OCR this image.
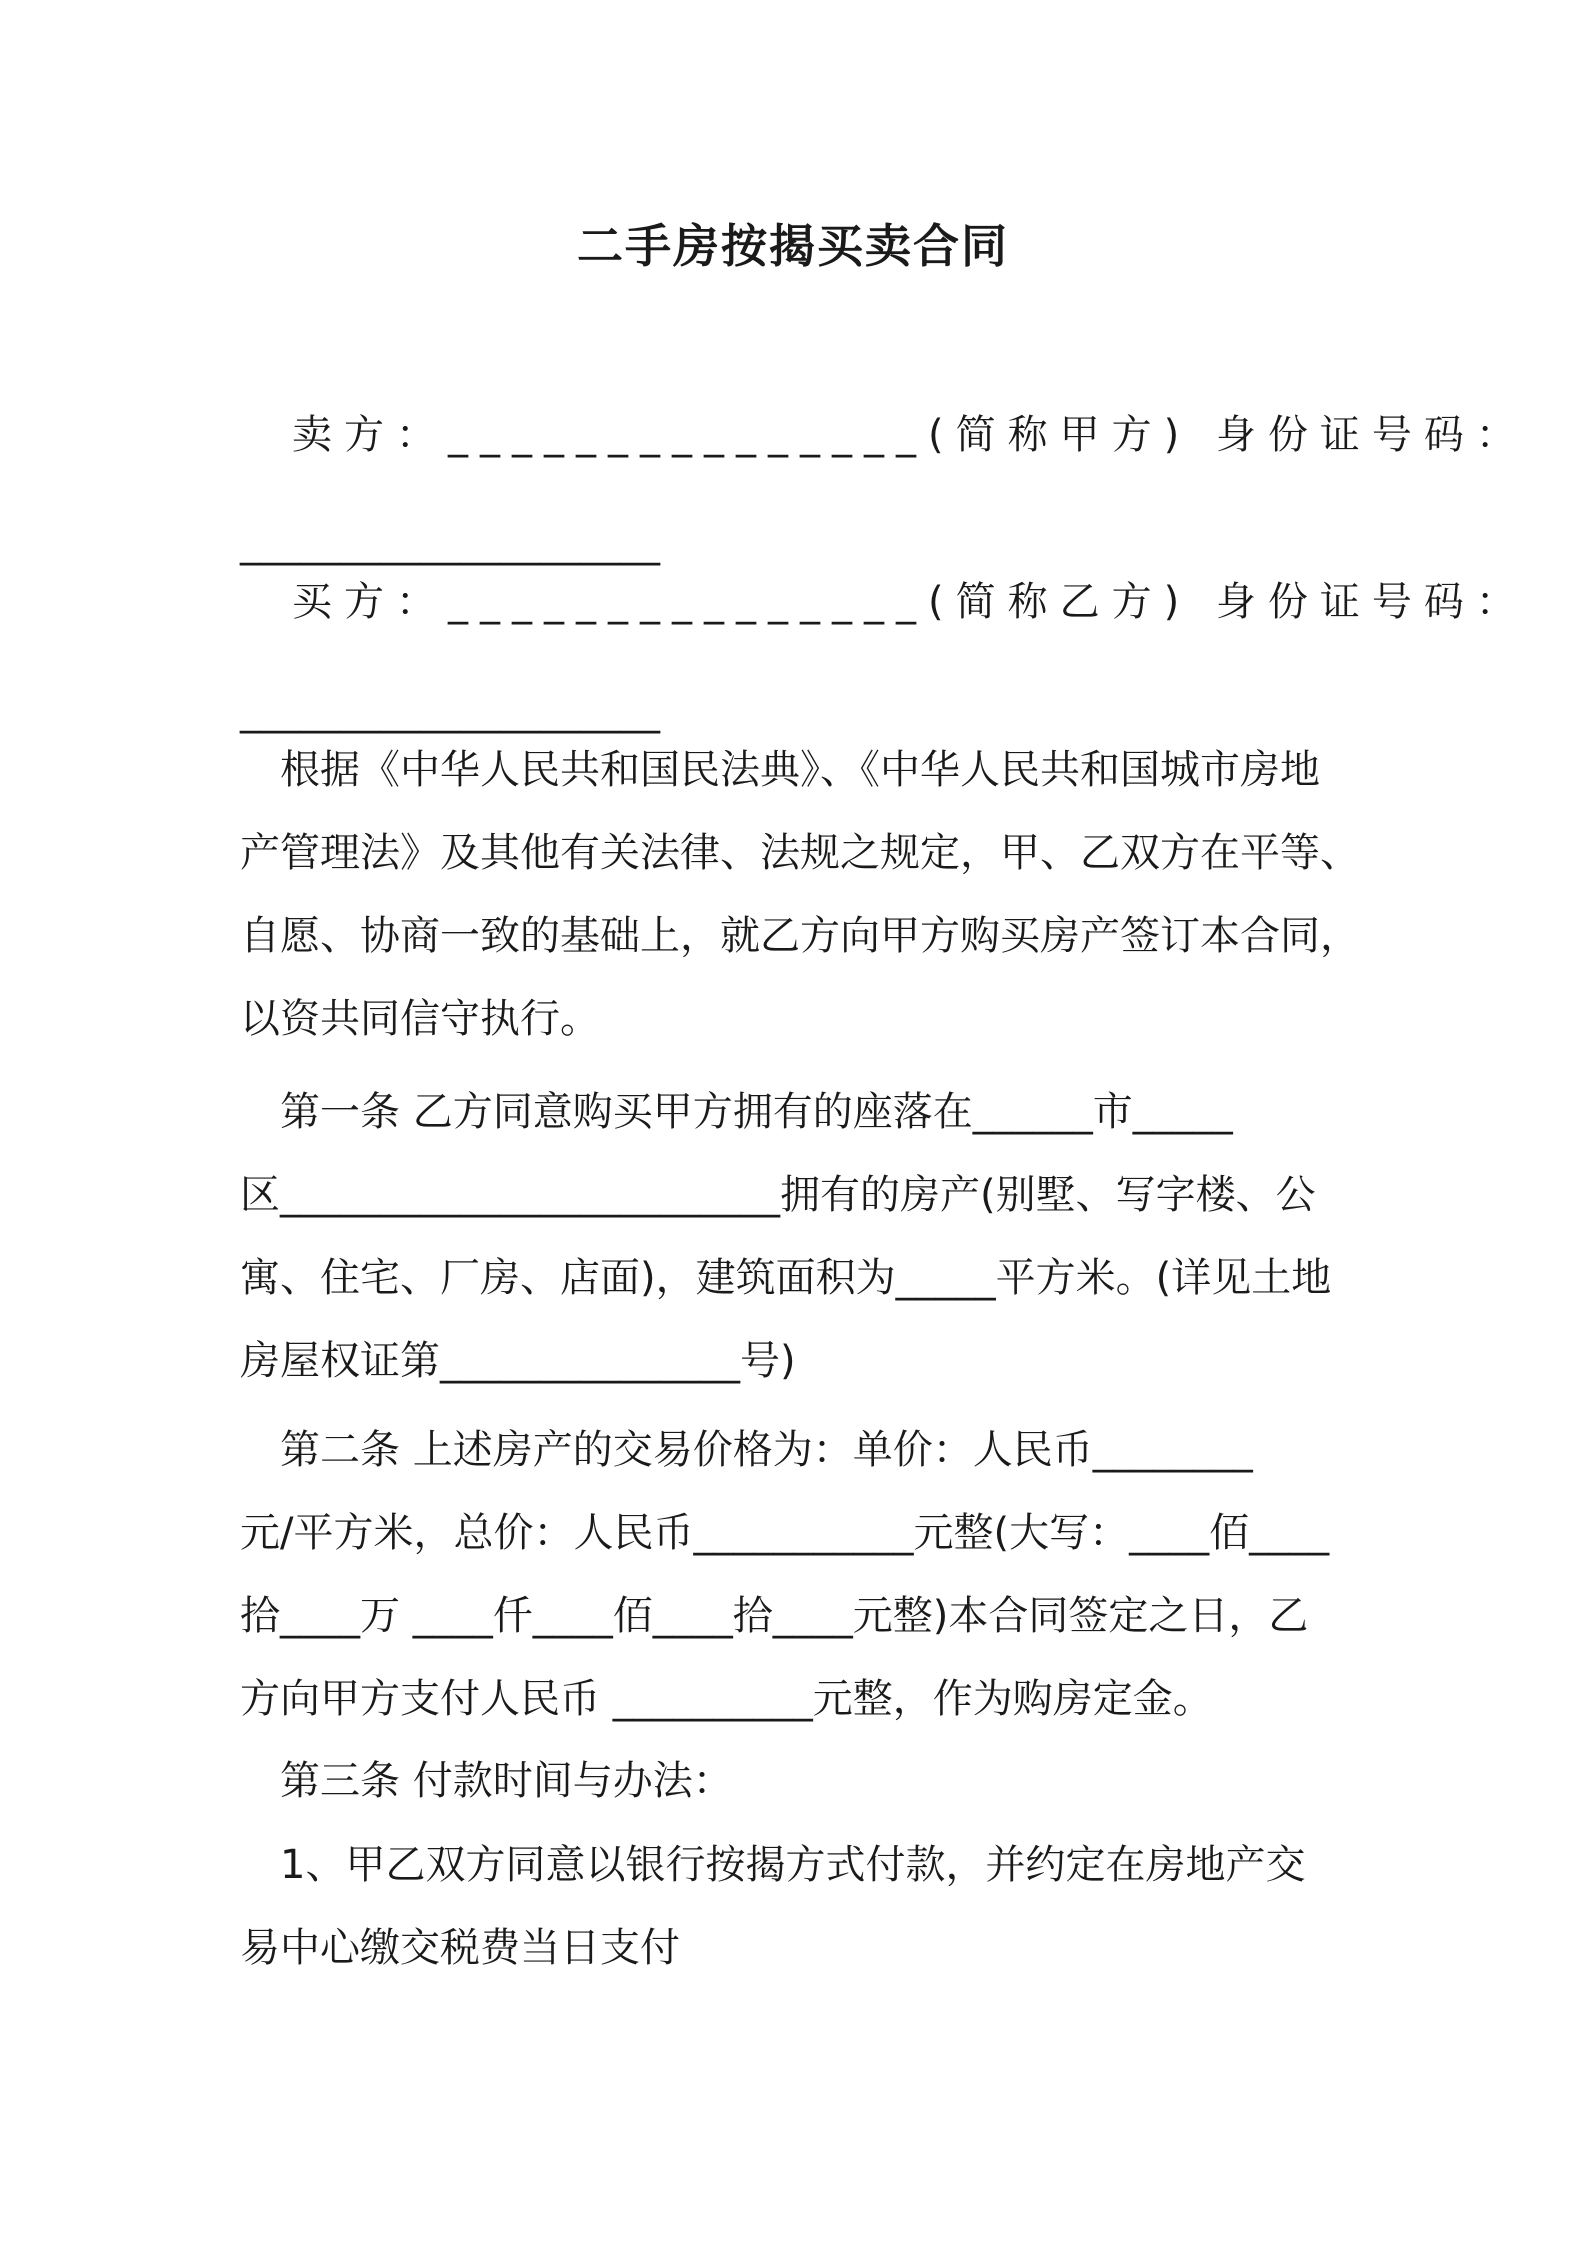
二手房按揭买卖合同
　卖方：_______________(简称甲方) 身份证号码：
_____________________
　买方：_______________(简称乙方) 身份证号码：
_____________________
　根据《中华人民共和国民法典》、《中华人民共和国城市房地
产管理法》及其他有关法律、法规之规定，甲、乙双方在平等、
自愿、协商一致的基础上，就乙方向甲方购买房产签订本合同，
以资共同信守执行。
　第一条 乙方同意购买甲方拥有的座落在______市_____
区_________________________拥有的房产(别墅、写字楼、公
寓、住宅、厂房、店面)，建筑面积为_____平方米。(详见土地
房屋权证第_______________号)
　第二条 上述房产的交易价格为：单价：人民币________
元/平方米，总价：人民币___________元整(大写：____佰____
拾____万 ____仟____佰____拾____元整)本合同签定之日，乙
方向甲方支付人民币 __________元整，作为购房定金。
　第三条 付款时间与办法：
　1、甲乙双方同意以银行按揭方式付款，并约定在房地产交
易中心缴交税费当日支付
